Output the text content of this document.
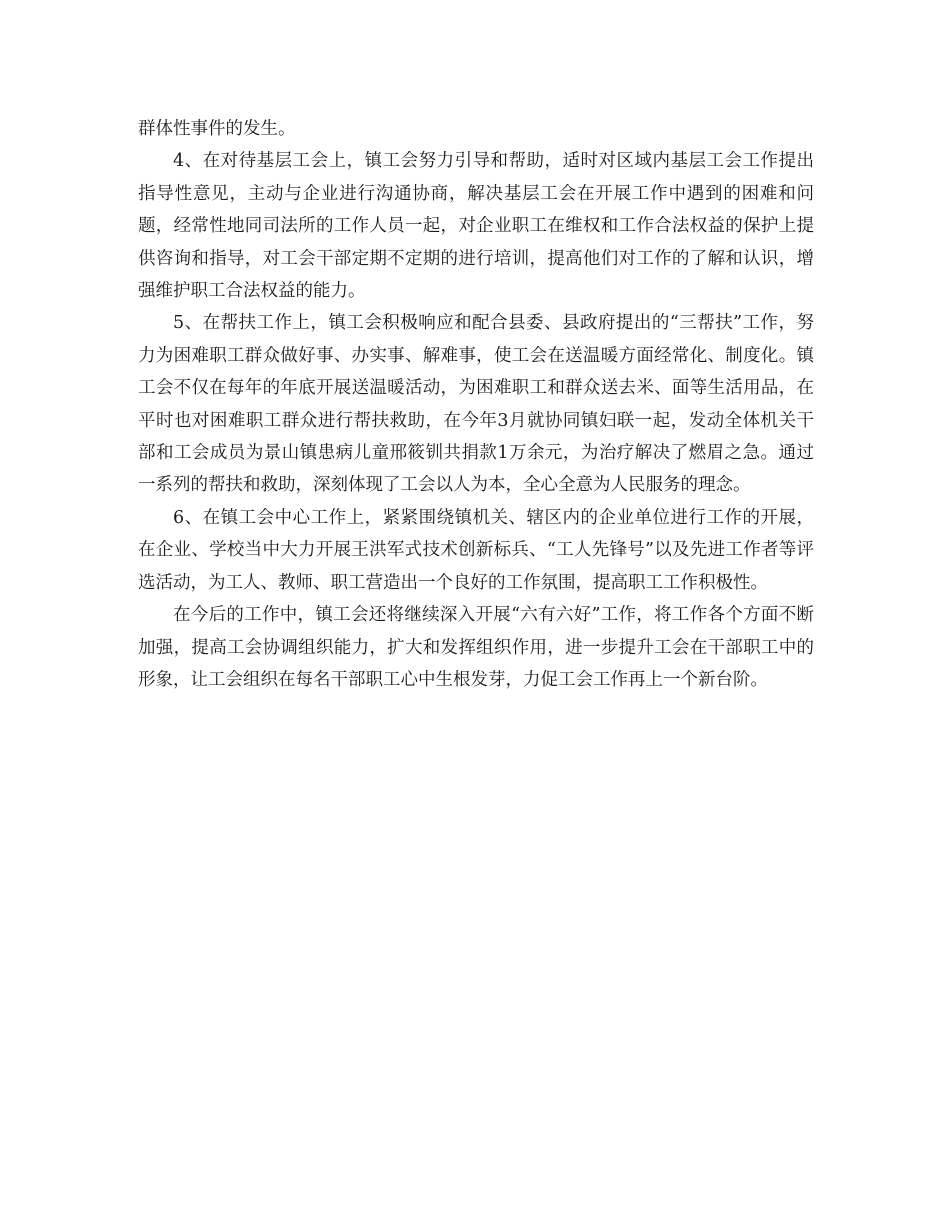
群体性事件的发生。

4、在对待基层工会上，镇工会努力引导和帮助，适时对区域内基层工会工作提出指导性意见，主动与企业进行沟通协商，解决基层工会在开展工作中遇到的困难和问题，经常性地同司法所的工作人员一起，对企业职工在维权和工作合法权益的保护上提供咨询和指导，对工会干部定期不定期的进行培训，提高他们对工作的了解和认识，增强维护职工合法权益的能力。

5、在帮扶工作上，镇工会积极响应和配合县委、县政府提出的“三帮扶”工作，努力为困难职工群众做好事、办实事、解难事，使工会在送温暖方面经常化、制度化。镇工会不仅在每年的年底开展送温暖活动，为困难职工和群众送去米、面等生活用品，在平时也对困难职工群众进行帮扶救助，在今年3月就协同镇妇联一起，发动全体机关干部和工会成员为景山镇患病儿童邢筱钏共捐款1万余元，为治疗解决了燃眉之急。通过一系列的帮扶和救助，深刻体现了工会以人为本，全心全意为人民服务的理念。

6、在镇工会中心工作上，紧紧围绕镇机关、辖区内的企业单位进行工作的开展，在企业、学校当中大力开展王洪军式技术创新标兵、“工人先锋号”以及先进工作者等评选活动，为工人、教师、职工营造出一个良好的工作氛围，提高职工工作积极性。

在今后的工作中，镇工会还将继续深入开展“六有六好”工作，将工作各个方面不断加强，提高工会协调组织能力，扩大和发挥组织作用，进一步提升工会在干部职工中的形象，让工会组织在每名干部职工心中生根发芽，力促工会工作再上一个新台阶。
